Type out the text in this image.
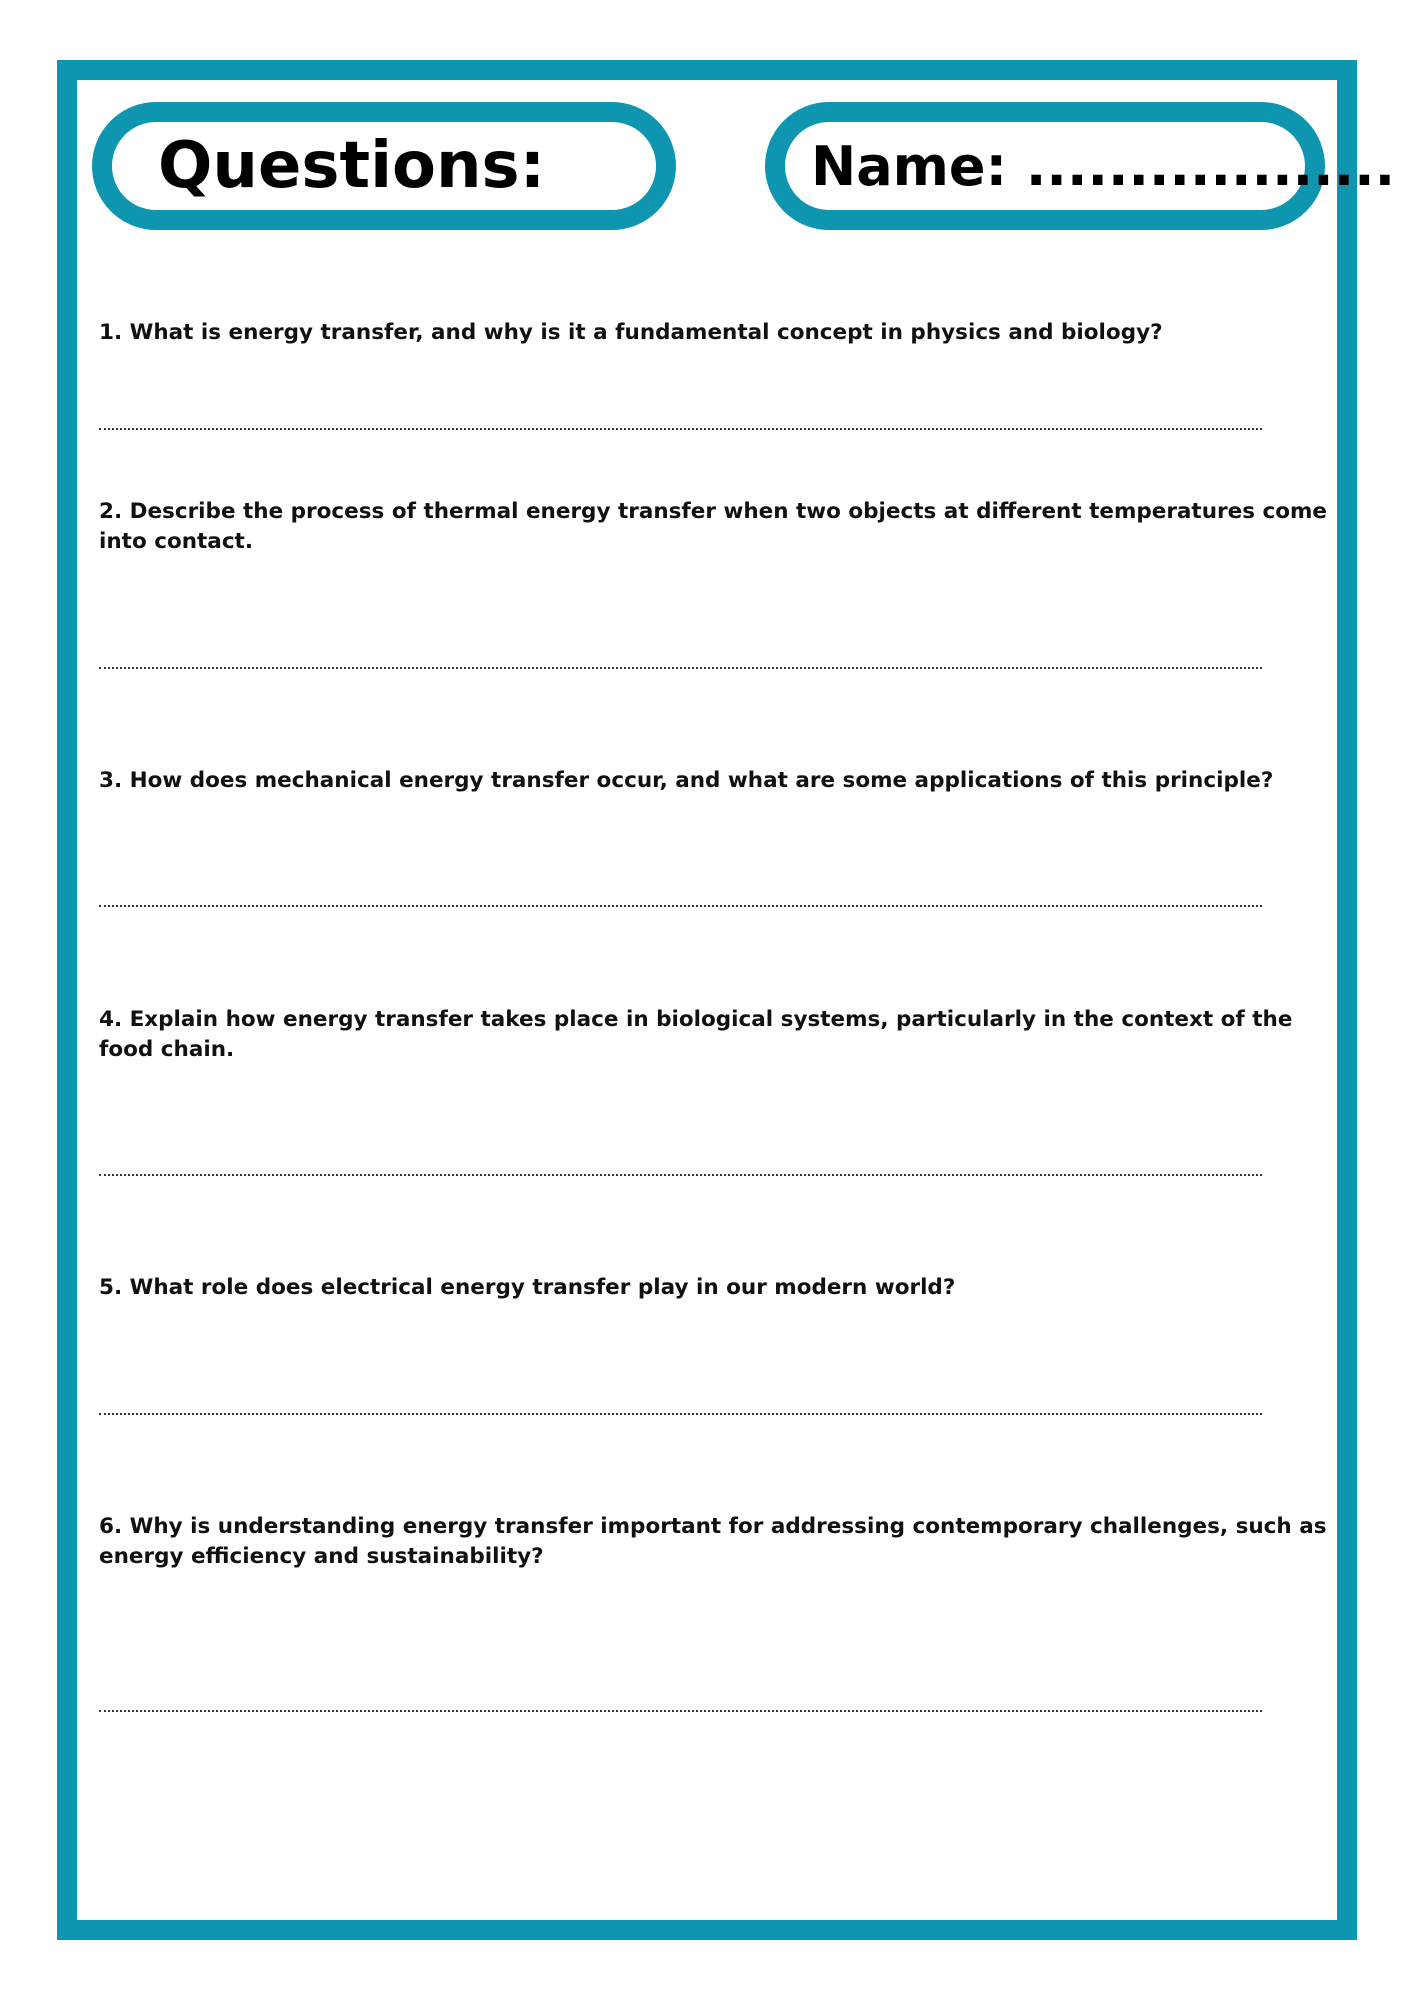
Questions:	Name: ..................

1. What is energy transfer, and why is it a fundamental concept in physics and biology?

2. Describe the process of thermal energy transfer when two objects at different temperatures come into contact.

3. How does mechanical energy transfer occur, and what are some applications of this principle?

4. Explain how energy transfer takes place in biological systems, particularly in the context of the food chain.

5. What role does electrical energy transfer play in our modern world?

6. Why is understanding energy transfer important for addressing contemporary challenges, such as energy efficiency and sustainability?
